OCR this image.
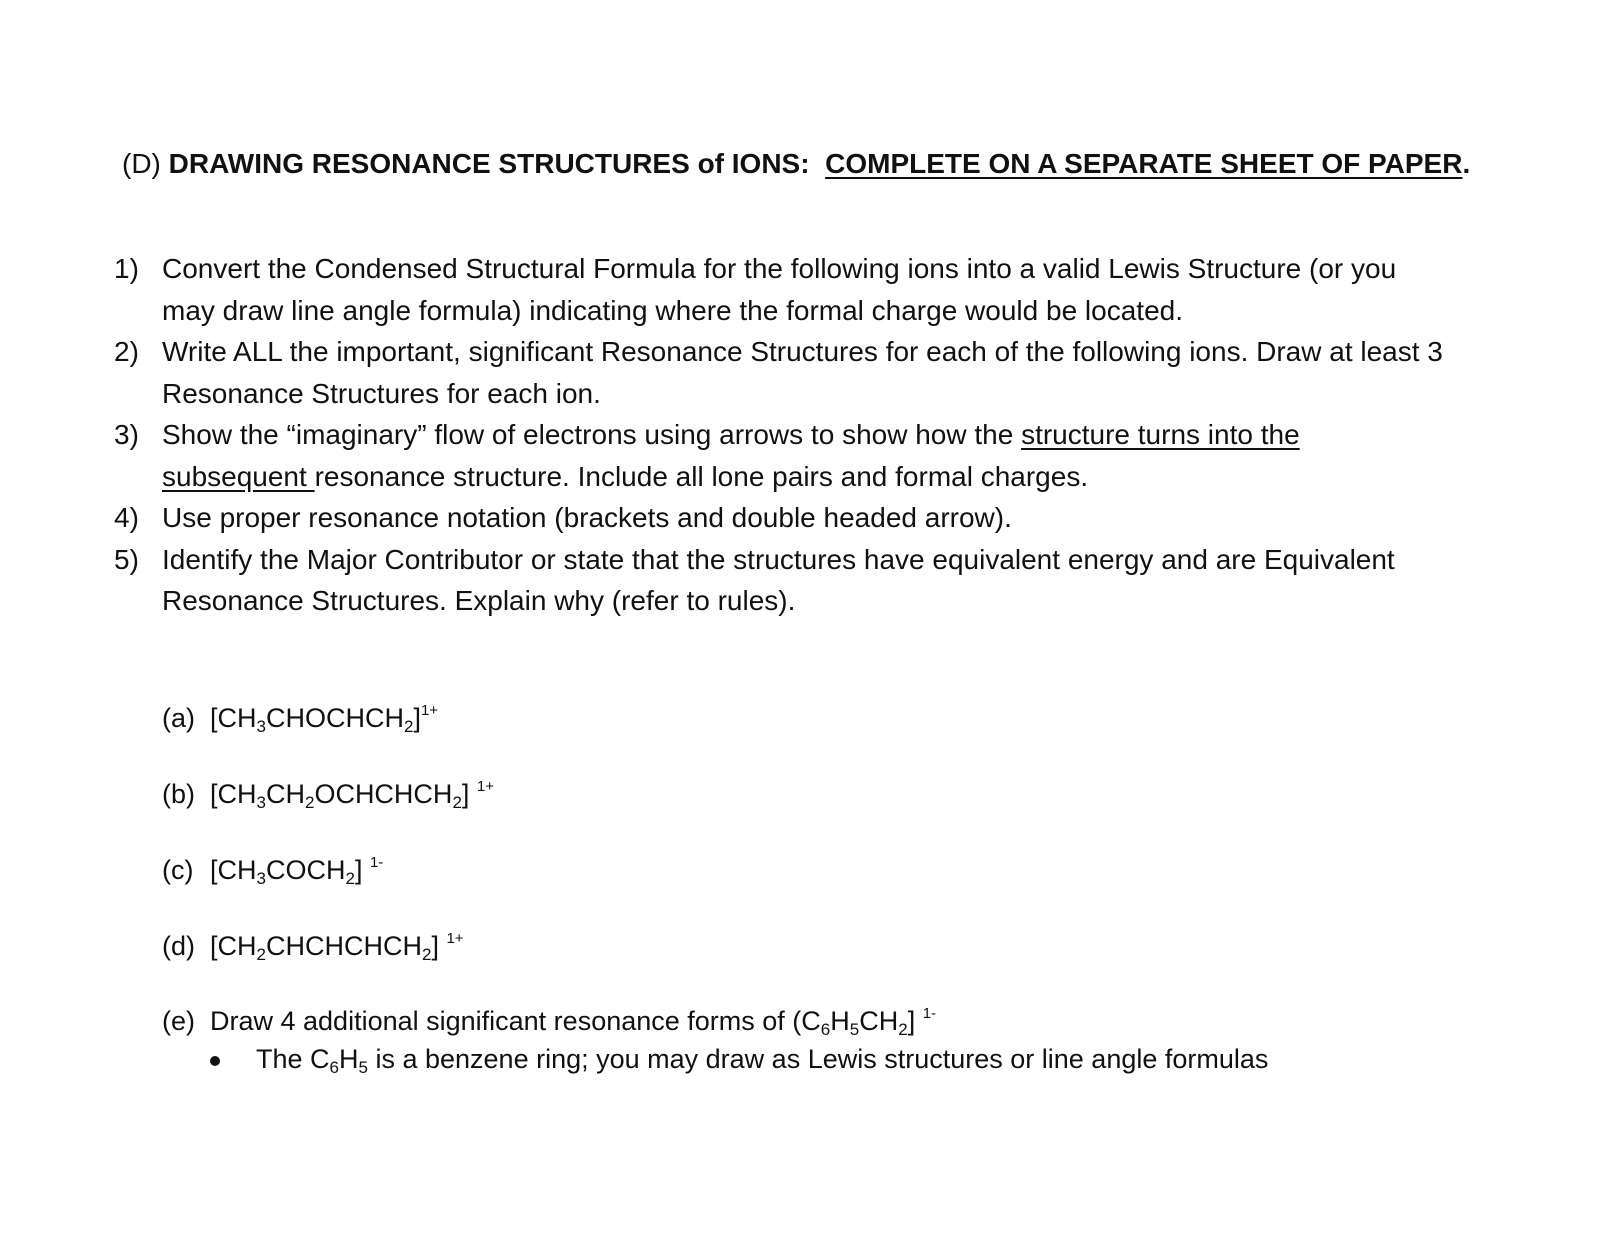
(D) DRAWING RESONANCE STRUCTURES of IONS: COMPLETE ON A SEPARATE SHEET OF PAPER.
1) Convert the Condensed Structural Formula for the following ions into a valid Lewis Structure (or you may draw line angle formula) indicating where the formal charge would be located.
2) Write ALL the important, significant Resonance Structures for each of the following ions. Draw at least 3 Resonance Structures for each ion.
3) Show the “imaginary” flow of electrons using arrows to show how the structure turns into the subsequent resonance structure. Include all lone pairs and formal charges.
4) Use proper resonance notation (brackets and double headed arrow).
5) Identify the Major Contributor or state that the structures have equivalent energy and are Equivalent Resonance Structures. Explain why (refer to rules).
(a) $[CH_3CHOCHCH_2]^{1+}$
(b) $[CH_3CH_2OCHCHCH_2]$ $^{1+}$
(c) $[CH_3COCH_2]$ $^{1-}$
(d) $[CH_2CHCHCHCH_2]$ $^{1+}$
(e) Draw 4 additional significant resonance forms of $(C_6H_5CH_2]$ $^{1-}$
The $C_6H_5$ is a benzene ring; you may draw as Lewis structures or line angle formulas
